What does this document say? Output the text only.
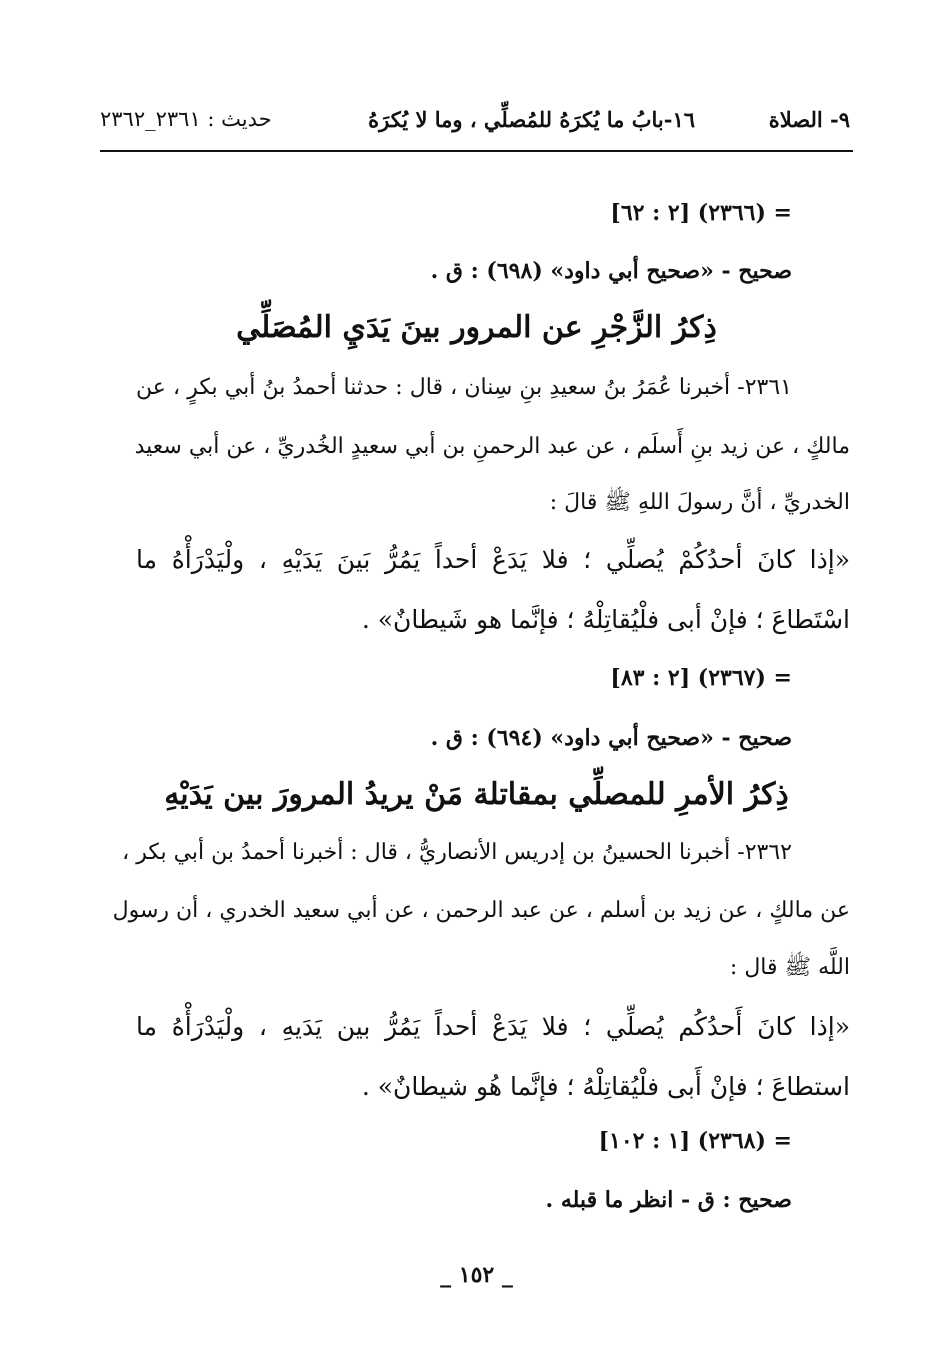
٩- الصلاة
١٦-بابُ ما يُكرَهُ للمُصلِّي ، وما لا يُكرَهُ
حديث : ٢٣٦١_٢٣٦٢
= (٢٣٦٦) [٢ : ٦٢]
صحيح - «صحيح أبي داود» (٦٩٨) : ق .
ذِكرُ الزَّجْرِ عن المرور بينَ يَدَيِ المُصَلِّي
٢٣٦١- أخبرنا عُمَرُ بنُ سعيدِ بنِ سِنان ، قال : حدثنا أحمدُ بنُ أبي بكرٍ ، عن
مالكٍ ، عن زيد بنِ أَسلَم ، عن عبد الرحمنِ بن أبي سعيدٍ الخُدريِّ ، عن أبي سعيد
الخدريِّ ، أنَّ رسولَ اللهِ ﷺ قالَ :
«إذا كانَ أحدُكُمْ يُصلِّي ؛ فلا يَدَعْ أحداً يَمُرُّ بَينَ يَدَيْهِ ، ولْيَدْرَأْهُ ما
اسْتَطاعَ ؛ فإنْ أبى فلْيُقاتِلْهُ ؛ فإنَّما هو شَيطانٌ» .
= (٢٣٦٧) [٢ : ٨٣]
صحيح - «صحيح أبي داود» (٦٩٤) : ق .
ذِكرُ الأمرِ للمصلِّي بمقاتلة مَنْ يريدُ المرورَ بين يَدَيْهِ
٢٣٦٢- أخبرنا الحسينُ بن إدريس الأنصاريُّ ، قال : أخبرنا أحمدُ بن أبي بكر ،
عن مالكٍ ، عن زيد بن أسلم ، عن عبد الرحمن ، عن أبي سعيد الخدري ، أن رسول
اللَّه ﷺ قال :
«إذا كانَ أَحدُكُم يُصلِّي ؛ فلا يَدَعْ أحداً يَمُرُّ بين يَدَيهِ ، ولْيَدْرَأْهُ ما
استطاعَ ؛ فإنْ أَبى فلْيُقاتِلْهُ ؛ فإنَّما هُو شيطانٌ» .
= (٢٣٦٨) [١ : ١٠٢]
صحيح : ق - انظر ما قبله .
_ ١٥٢ _
